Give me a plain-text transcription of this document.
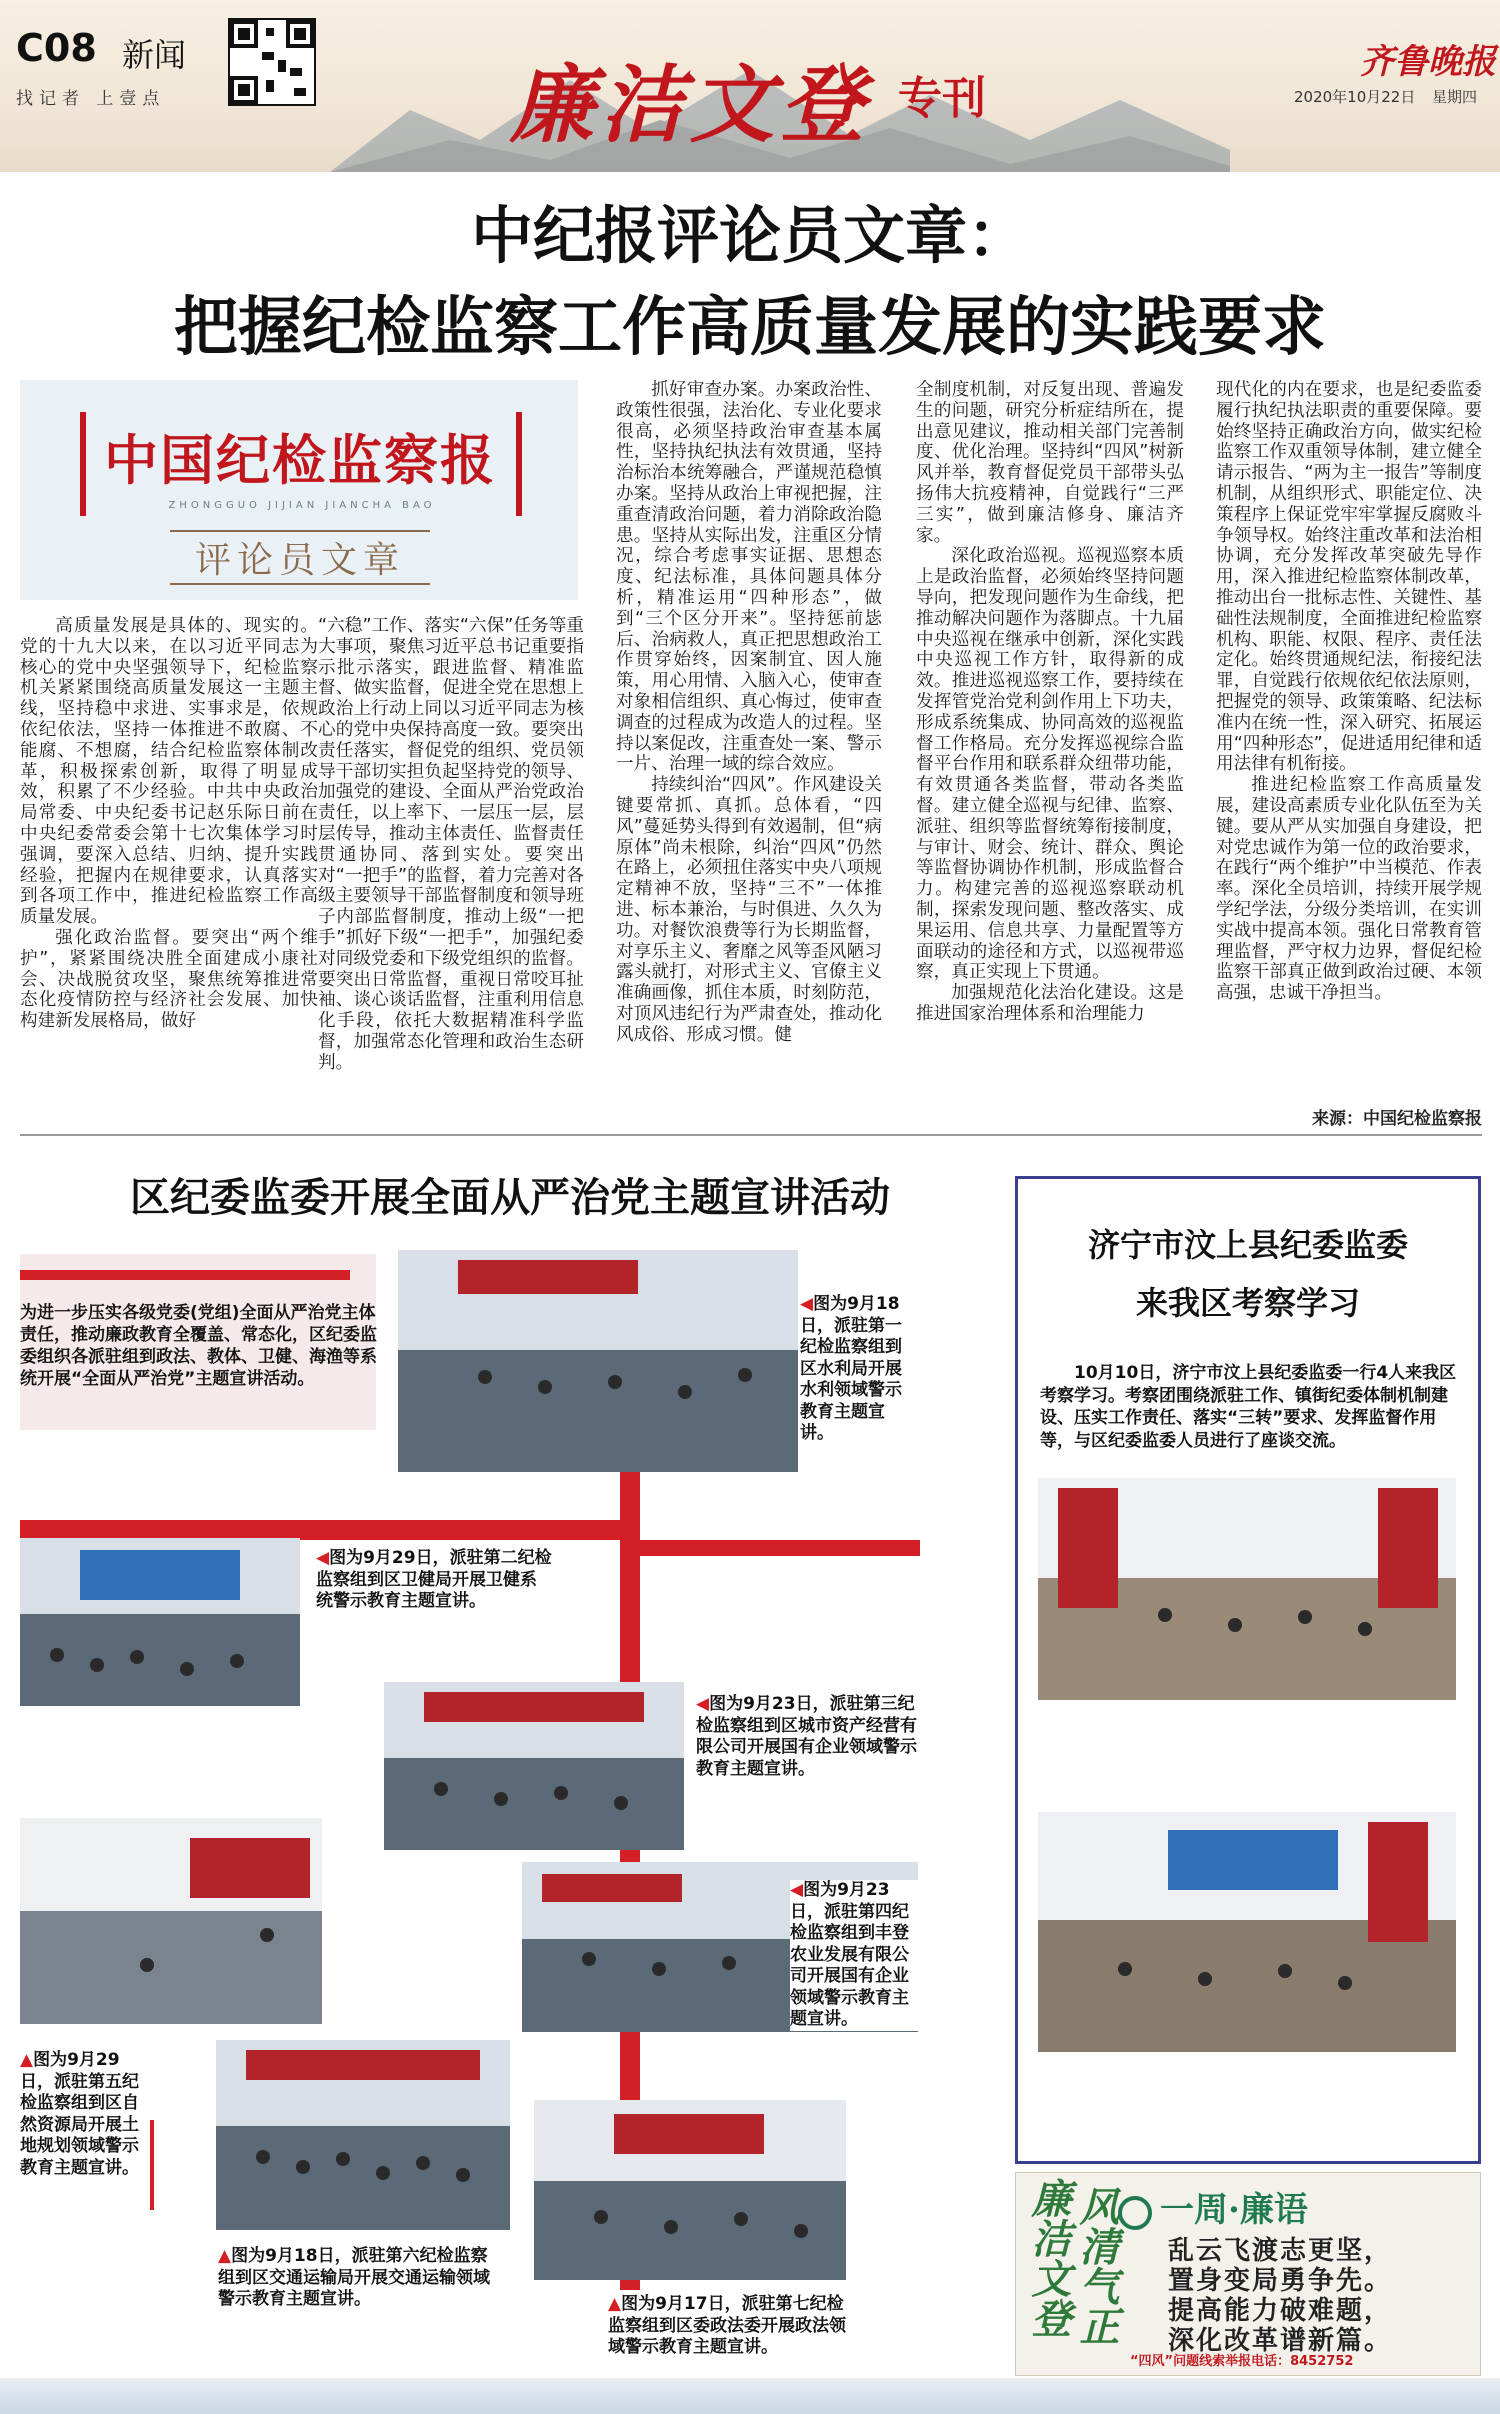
C08 新闻
找记者 上壹点	廉洁文登 专刊
齐鲁晚报
2020年10月22日 星期四
中纪报评论员文章：
把握纪检监察工作高质量发展的实践要求
中国纪检监察报
ZHONGGUO JIJIAN JIANCHA BAO
评论员文章

高质量发展是具体的、现实的。党的十九大以来，在以习近平同志为核心的党中央坚强领导下，纪检监察机关紧紧围绕高质量发展这一主题主线，坚持稳中求进、实事求是，依规依纪依法，坚持一体推进不敢腐、不能腐、不想腐，结合纪检监察体制改革，积极探索创新，取得了明显成效，积累了不少经验。中共中央政治局常委、中央纪委书记赵乐际日前在中央纪委常委会第十七次集体学习时强调，要深入总结、归纳、提升实践经验，把握内在规律要求，认真落实到各项工作中，推进纪检监察工作高质量发展。

强化政治监督。要突出“两个维护”，紧紧围绕决胜全面建成小康社会、决战脱贫攻坚，聚焦统筹推进常态化疫情防控与经济社会发展、加快构建新发展格局，做好

“六稳”工作、落实“六保”任务等重大事项，聚焦习近平总书记重要指示批示落实，跟进监督、精准监督、做实监督，促进全党在思想上政治上行动上同以习近平同志为核心的党中央保持高度一致。要突出责任落实，督促党的组织、党员领导干部切实担负起坚持党的领导、加强党的建设、全面从严治党政治责任，以上率下、一层压一层，层层传导，推动主体责任、监督责任贯通协同、落到实处。要突出对“一把手”的监督，着力完善对各级主要领导干部监督制度和领导班子内部监督制度，推动上级“一把手”抓好下级“一把手”，加强纪委对同级党委和下级党组织的监督。要突出日常监督，重视日常咬耳扯袖、谈心谈话监督，注重利用信息化手段，依托大数据精准科学监督，加强常态化管理和政治生态研判。

抓好审查办案。办案政治性、政策性很强，法治化、专业化要求很高，必须坚持政治审查基本属性，坚持执纪执法有效贯通，坚持治标治本统筹融合，严谨规范稳慎办案。坚持从政治上审视把握，注重查清政治问题，着力消除政治隐患。坚持从实际出发，注重区分情况，综合考虑事实证据、思想态度、纪法标准，具体问题具体分析，精准运用“四种形态”，做到“三个区分开来”。坚持惩前毖后、治病救人，真正把思想政治工作贯穿始终，因案制宜、因人施策，用心用情、入脑入心，使审查对象相信组织、真心悔过，使审查调查的过程成为改造人的过程。坚持以案促改，注重查处一案、警示一片、治理一域的综合效应。

持续纠治“四风”。作风建设关键要常抓、真抓。总体看，“四风”蔓延势头得到有效遏制，但“病原体”尚未根除，纠治“四风”仍然在路上，必须扭住落实中央八项规定精神不放，坚持“三不”一体推进、标本兼治，与时俱进、久久为功。对餐饮浪费等行为长期监督，对享乐主义、奢靡之风等歪风陋习露头就打，对形式主义、官僚主义准确画像，抓住本质，时刻防范，对顶风违纪行为严肃查处，推动化风成俗、形成习惯。健

全制度机制，对反复出现、普遍发生的问题，研究分析症结所在，提出意见建议，推动相关部门完善制度、优化治理。坚持纠“四风”树新风并举，教育督促党员干部带头弘扬伟大抗疫精神，自觉践行“三严三实”，做到廉洁修身、廉洁齐家。

深化政治巡视。巡视巡察本质上是政治监督，必须始终坚持问题导向，把发现问题作为生命线，把推动解决问题作为落脚点。十九届中央巡视在继承中创新，深化实践中央巡视工作方针，取得新的成效。推进巡视巡察工作，要持续在发挥管党治党利剑作用上下功夫，形成系统集成、协同高效的巡视监督工作格局。充分发挥巡视综合监督平台作用和联系群众纽带功能，有效贯通各类监督，带动各类监督。建立健全巡视与纪律、监察、派驻、组织等监督统筹衔接制度，与审计、财会、统计、群众、舆论等监督协调协作机制，形成监督合力。构建完善的巡视巡察联动机制，探索发现问题、整改落实、成果运用、信息共享、力量配置等方面联动的途径和方式，以巡视带巡察，真正实现上下贯通。

加强规范化法治化建设。这是推进国家治理体系和治理能力

现代化的内在要求，也是纪委监委履行执纪执法职责的重要保障。要始终坚持正确政治方向，做实纪检监察工作双重领导体制，建立健全请示报告、“两为主一报告”等制度机制，从组织形式、职能定位、决策程序上保证党牢牢掌握反腐败斗争领导权。始终注重改革和法治相协调，充分发挥改革突破先导作用，深入推进纪检监察体制改革，推动出台一批标志性、关键性、基础性法规制度，全面推进纪检监察机构、职能、权限、程序、责任法定化。始终贯通规纪法，衔接纪法罪，自觉践行依规依纪依法原则，把握党的领导、政策策略、纪法标准内在统一性，深入研究、拓展运用“四种形态”，促进适用纪律和适用法律有机衔接。

推进纪检监察工作高质量发展，建设高素质专业化队伍至为关键。要从严从实加强自身建设，把对党忠诚作为第一位的政治要求，在践行“两个维护”中当模范、作表率。深化全员培训，持续开展学规学纪学法，分级分类培训，在实训实战中提高本领。强化日常教育管理监督，严守权力边界，督促纪检监察干部真正做到政治过硬、本领高强，忠诚干净担当。

来源：中国纪检监察报
区纪委监委开展全面从严治党主题宣讲活动
为进一步压实各级党委(党组)全面从严治党主体责任，推动廉政教育全覆盖、常态化，区纪委监委组织各派驻组到政法、教体、卫健、海渔等系统开展“全面从严治党”主题宣讲活动。
◀图为9月18日，派驻第一纪检监察组到区水利局开展水利领域警示教育主题宣讲。
◀图为9月29日，派驻第二纪检监察组到区卫健局开展卫健系统警示教育主题宣讲。
◀图为9月23日，派驻第三纪检监察组到区城市资产经营有限公司开展国有企业领域警示教育主题宣讲。
◀图为9月23日，派驻第四纪检监察组到丰登农业发展有限公司开展国有企业领域警示教育主题宣讲。
▲图为9月29日，派驻第五纪检监察组到区自然资源局开展土地规划领域警示教育主题宣讲。
▲图为9月18日，派驻第六纪检监察组到区交通运输局开展交通运输领域警示教育主题宣讲。	▲图为9月17日，派驻第七纪检监察组到区委政法委开展政法领域警示教育主题宣讲。
济宁市汶上县纪委监委
来我区考察学习
10月10日，济宁市汶上县纪委监委一行4人来我区考察学习。考察团围绕派驻工作、镇街纪委体制机制建设、压实工作责任、落实“三转”要求、发挥监督作用等，与区纪委监委人员进行了座谈交流。
廉洁文登 风清气正 一周·廉语
乱云飞渡志更坚，
置身变局勇争先。
提高能力破难题，
深化改革谱新篇。
“四风”问题线索举报电话：8452752
